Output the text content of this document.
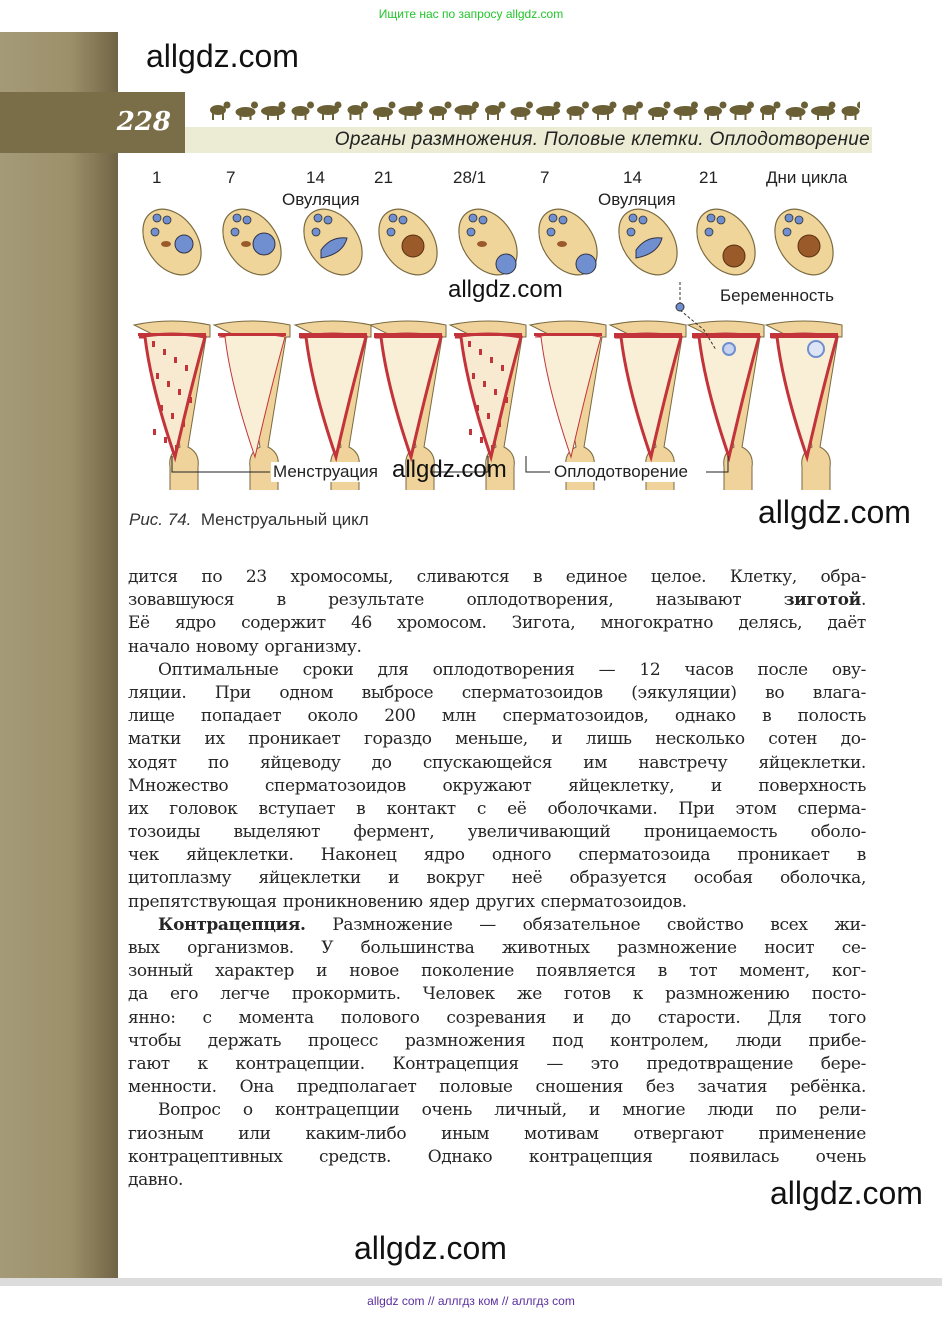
Ищите нас по запросу allgdz.com
228
Органы размножения. Половые клетки. Оплодотворение
allgdz.com
1	7	14	21	28/1	7	14	21	Дни цикла
Овуляция	Овуляция
Беременность
Менструация	Оплодотворение
allgdz.com
allgdz.com
Рис. 74. Менструальный цикл	allgdz.com
дится по 23 хромосомы, сливаются в единое целое. Клетку, обра-
зовавшуюся в результате оплодотворения, называют зиготой.
Её ядро содержит 46 хромосом. Зигота, многократно делясь, даёт
начало новому организму.
Оптимальные сроки для оплодотворения — 12 часов после ову-
ляции. При одном выбросе сперматозоидов (эякуляции) во влага-
лище попадает около 200 млн сперматозоидов, однако в полость
матки их проникает гораздо меньше, и лишь несколько сотен до-
ходят по яйцеводу до спускающейся им навстречу яйцеклетки.
Множество сперматозоидов окружают яйцеклетку, и поверхность
их головок вступает в контакт с её оболочками. При этом сперма-
тозоиды выделяют фермент, увеличивающий проницаемость оболо-
чек яйцеклетки. Наконец ядро одного сперматозоида проникает в
цитоплазму яйцеклетки и вокруг неё образуется особая оболочка,
препятствующая проникновению ядер других сперматозоидов.
Контрацепция. Размножение — обязательное свойство всех жи-
вых организмов. У большинства животных размножение носит се-
зонный характер и новое поколение появляется в тот момент, ког-
да его легче прокормить. Человек же готов к размножению посто-
янно: с момента полового созревания и до старости. Для того
чтобы держать процесс размножения под контролем, люди прибе-
гают к контрацепции. Контрацепция — это предотвращение бере-
менности. Она предполагает половые сношения без зачатия ребёнка.
Вопрос о контрацепции очень личный, и многие люди по рели-
гиозным или каким-либо иным мотивам отвергают применение
контрацептивных средств. Однако контрацепция появилась очень
давно.	allgdz.com
allgdz.com
allgdz com // аллгдз ком // аллгдз com
